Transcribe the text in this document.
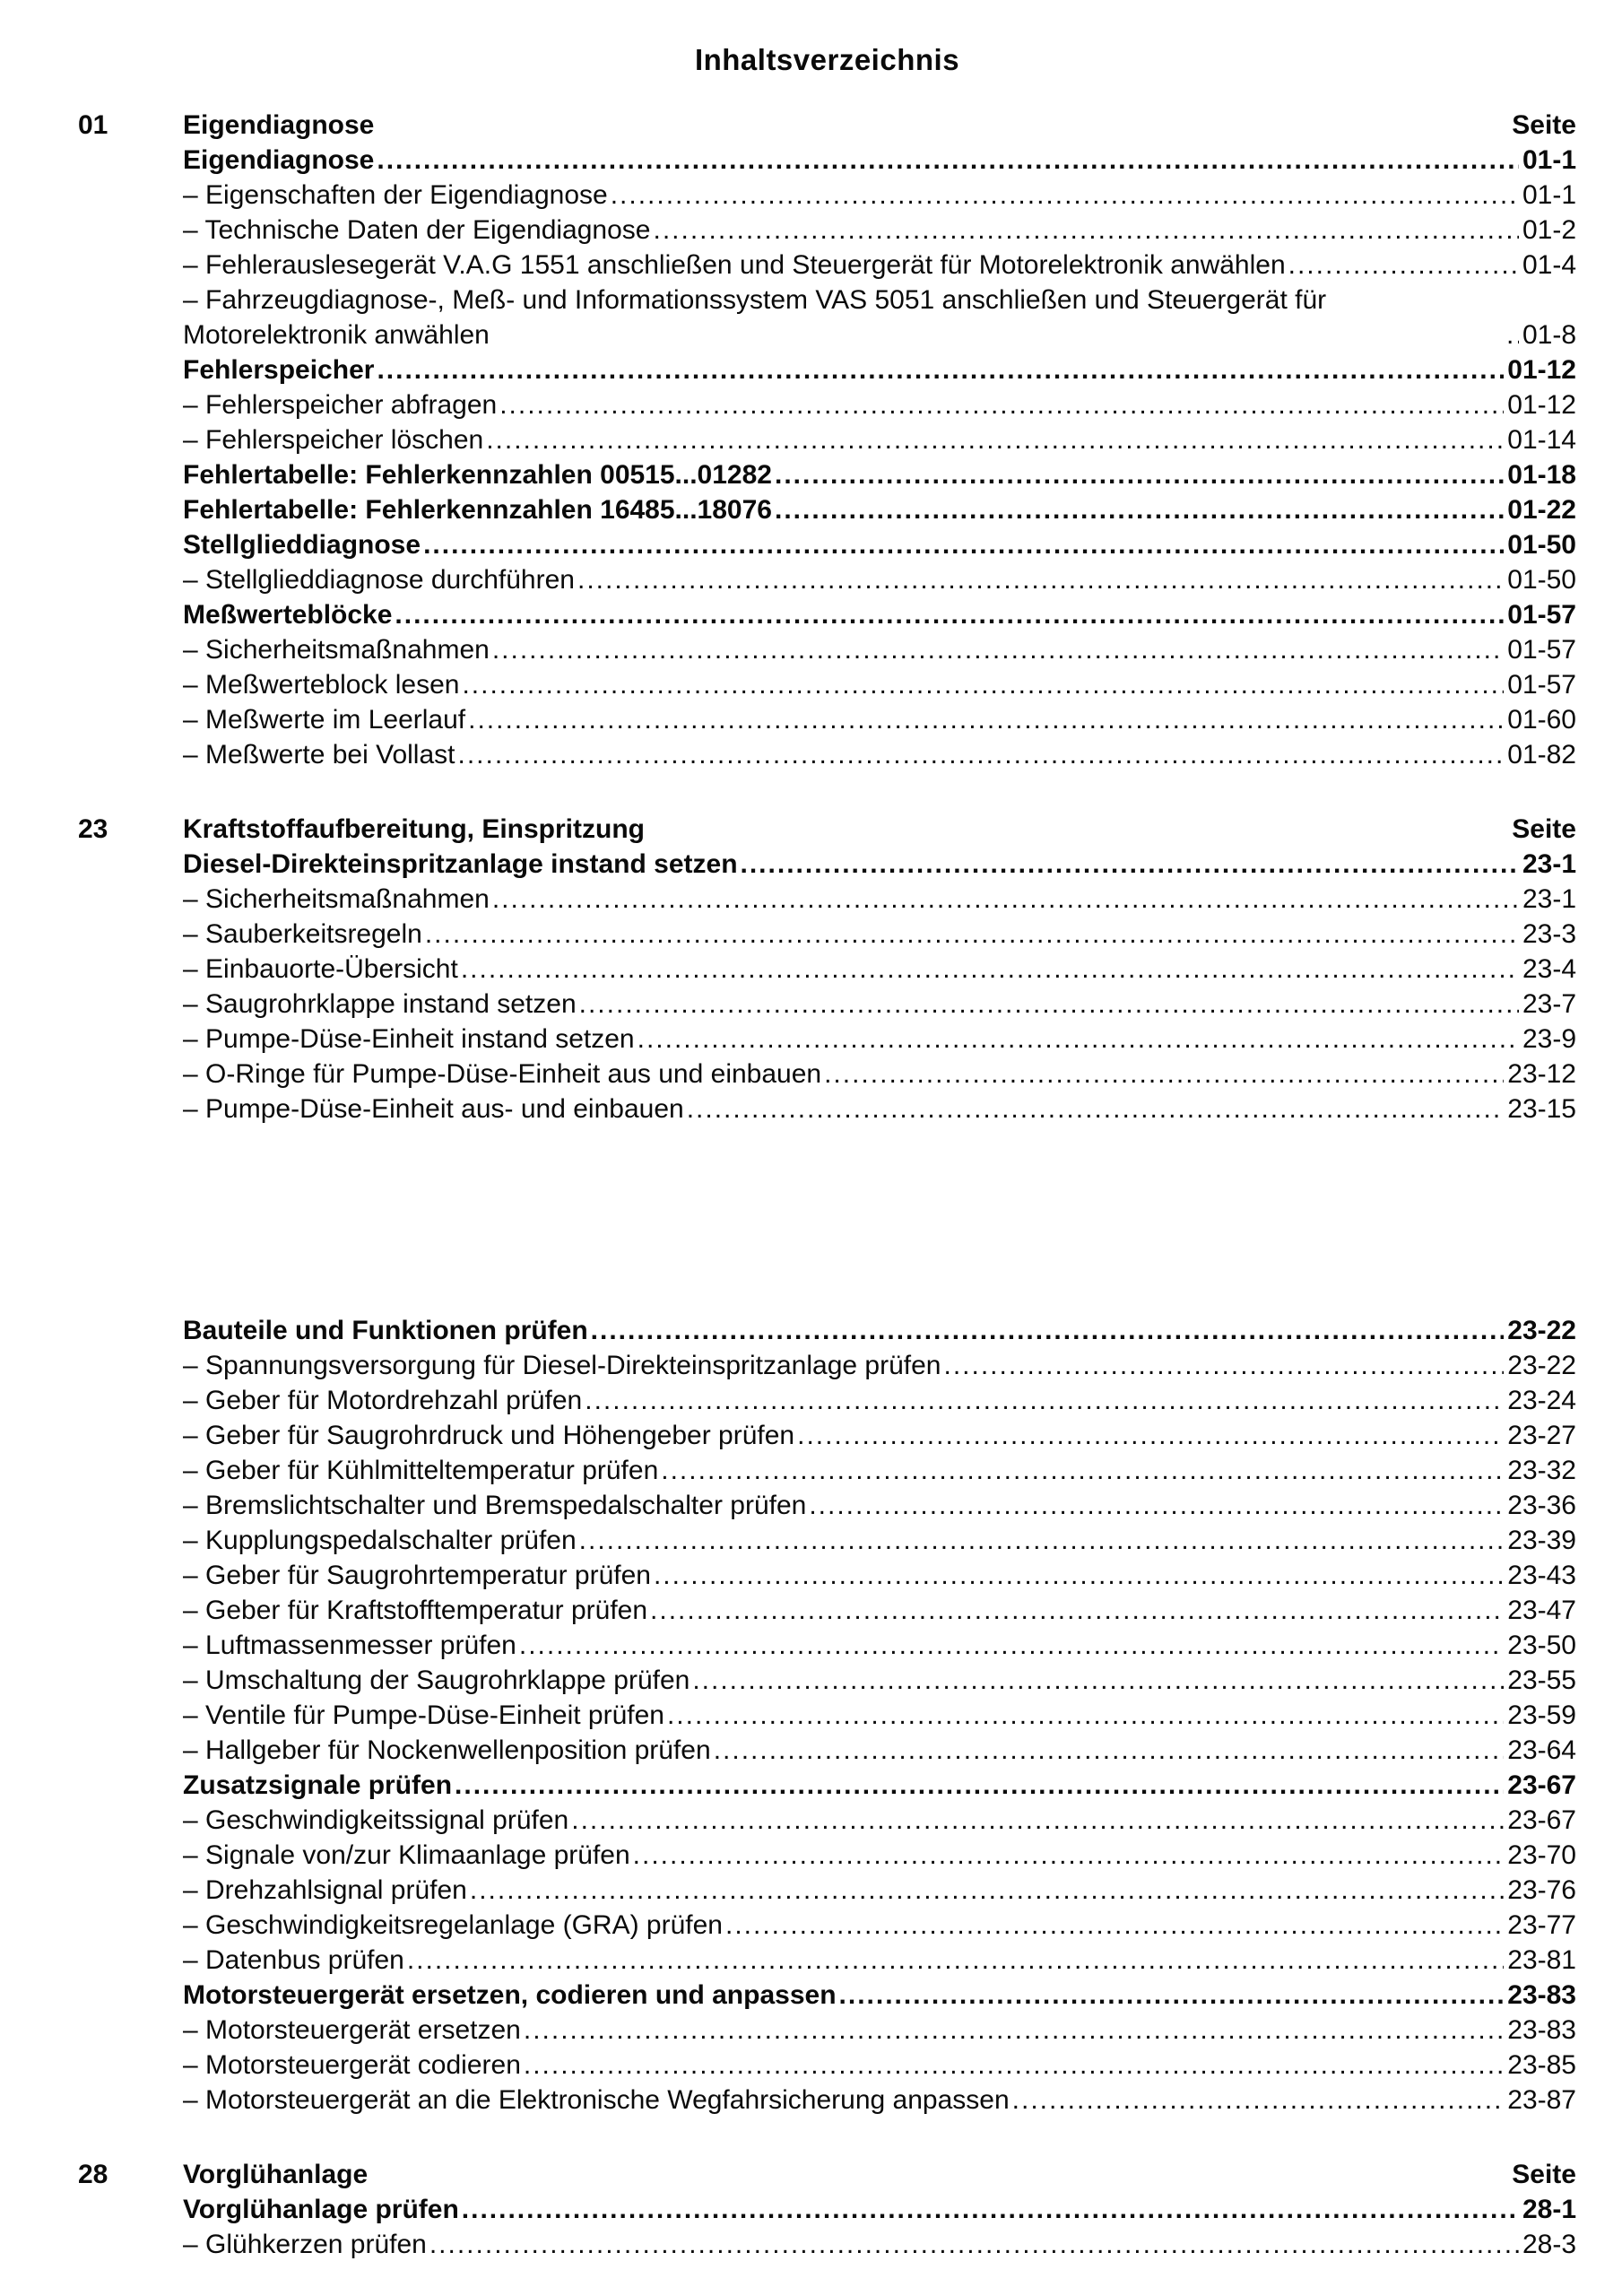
Inhaltsverzeichnis
01	Eigendiagnose	Seite
Eigendiagnose .....	01-1
– Eigenschaften der Eigendiagnose .....	01-1
– Technische Daten der Eigendiagnose .....	01-2
– Fehlerauslesegerät V.A.G 1551 anschließen und Steuergerät für Motorelektronik anwählen .....	01-4
– Fahrzeugdiagnose-, Meß- und Informationssystem VAS 5051 anschließen und Steuergerät für Motorelektronik anwählen .....	01-8
Fehlerspeicher .....	01-12
– Fehlerspeicher abfragen .....	01-12
– Fehlerspeicher löschen .....	01-14
Fehlertabelle: Fehlerkennzahlen 00515...01282 .....	01-18
Fehlertabelle: Fehlerkennzahlen 16485...18076 .....	01-22
Stellglieddiagnose .....	01-50
– Stellglieddiagnose durchführen .....	01-50
Meßwerteblöcke .....	01-57
– Sicherheitsmaßnahmen .....	01-57
– Meßwerteblock lesen .....	01-57
– Meßwerte im Leerlauf .....	01-60
– Meßwerte bei Vollast .....	01-82
23	Kraftstoffaufbereitung, Einspritzung	Seite
Diesel-Direkteinspritzanlage instand setzen .....	23-1
– Sicherheitsmaßnahmen .....	23-1
– Sauberkeitsregeln .....	23-3
– Einbauorte-Übersicht .....	23-4
– Saugrohrklappe instand setzen .....	23-7
– Pumpe-Düse-Einheit instand setzen .....	23-9
– O-Ringe für Pumpe-Düse-Einheit aus und einbauen .....	23-12
– Pumpe-Düse-Einheit aus- und einbauen .....	23-15
Bauteile und Funktionen prüfen .....	23-22
– Spannungsversorgung für Diesel-Direkteinspritzanlage prüfen .....	23-22
– Geber für Motordrehzahl prüfen .....	23-24
– Geber für Saugrohrdruck und Höhengeber prüfen .....	23-27
– Geber für Kühlmitteltemperatur prüfen .....	23-32
– Bremslichtschalter und Bremspedalschalter prüfen .....	23-36
– Kupplungspedalschalter prüfen .....	23-39
– Geber für Saugrohrtemperatur prüfen .....	23-43
– Geber für Kraftstofftemperatur prüfen .....	23-47
– Luftmassenmesser prüfen .....	23-50
– Umschaltung der Saugrohrklappe prüfen .....	23-55
– Ventile für Pumpe-Düse-Einheit prüfen .....	23-59
– Hallgeber für Nockenwellenposition prüfen .....	23-64
Zusatzsignale prüfen .....	23-67
– Geschwindigkeitssignal prüfen .....	23-67
– Signale von/zur Klimaanlage prüfen .....	23-70
– Drehzahlsignal prüfen .....	23-76
– Geschwindigkeitsregelanlage (GRA) prüfen .....	23-77
– Datenbus prüfen .....	23-81
Motorsteuergerät ersetzen, codieren und anpassen .....	23-83
– Motorsteuergerät ersetzen .....	23-83
– Motorsteuergerät codieren .....	23-85
– Motorsteuergerät an die Elektronische Wegfahrsicherung anpassen .....	23-87
28	Vorglühanlage	Seite
Vorglühanlage prüfen .....	28-1
– Glühkerzen prüfen .....	28-3
